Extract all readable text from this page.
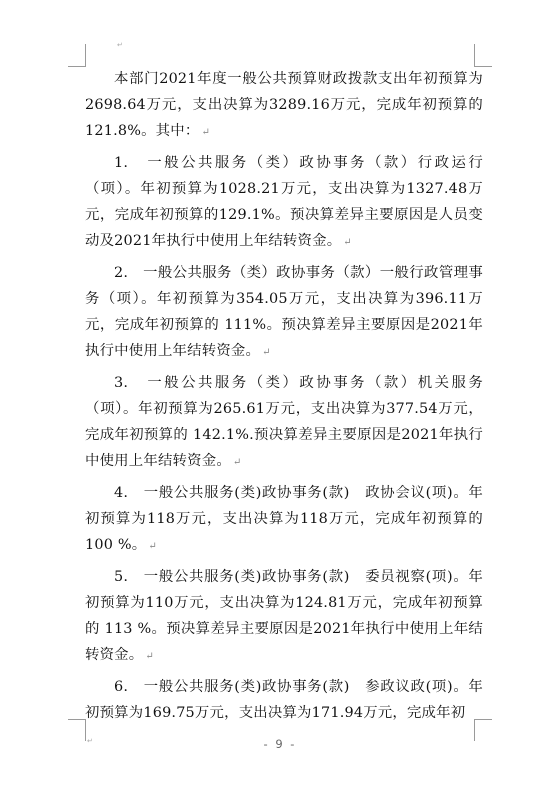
↵
↵

本部门2021年度一般公共预算财政拨款支出年初预算为2698.64万元，支出决算为3289.16万元，完成年初预算的121.8%。其中： ↵

1.　一般公共服务（类）政协事务（款）行政运行（项）。年初预算为1028.21万元，支出决算为1327.48万元，完成年初预算的129.1%。预决算差异主要原因是人员变动及2021年执行中使用上年结转资金。 ↵

2.　一般公共服务（类）政协事务（款）一般行政管理事务（项）。年初预算为354.05万元，支出决算为396.11万元，完成年初预算的 111%。预决算差异主要原因是2021年执行中使用上年结转资金。 ↵

3.　一般公共服务（类）政协事务（款）机关服务（项）。年初预算为265.61万元，支出决算为377.54万元，完成年初预算的 142.1%.预决算差异主要原因是2021年执行中使用上年结转资金。 ↵

4.　一般公共服务(类)政协事务(款)　政协会议(项)。年初预算为118万元，支出决算为118万元，完成年初预算的100 %。 ↵

5.　一般公共服务(类)政协事务(款)　委员视察(项)。年初预算为110万元，支出决算为124.81万元，完成年初预算的 113 %。预决算差异主要原因是2021年执行中使用上年结转资金。 ↵

6.　一般公共服务(类)政协事务(款)　参政议政(项)。年初预算为169.75万元，支出决算为171.94万元，完成年初

- 9 -
